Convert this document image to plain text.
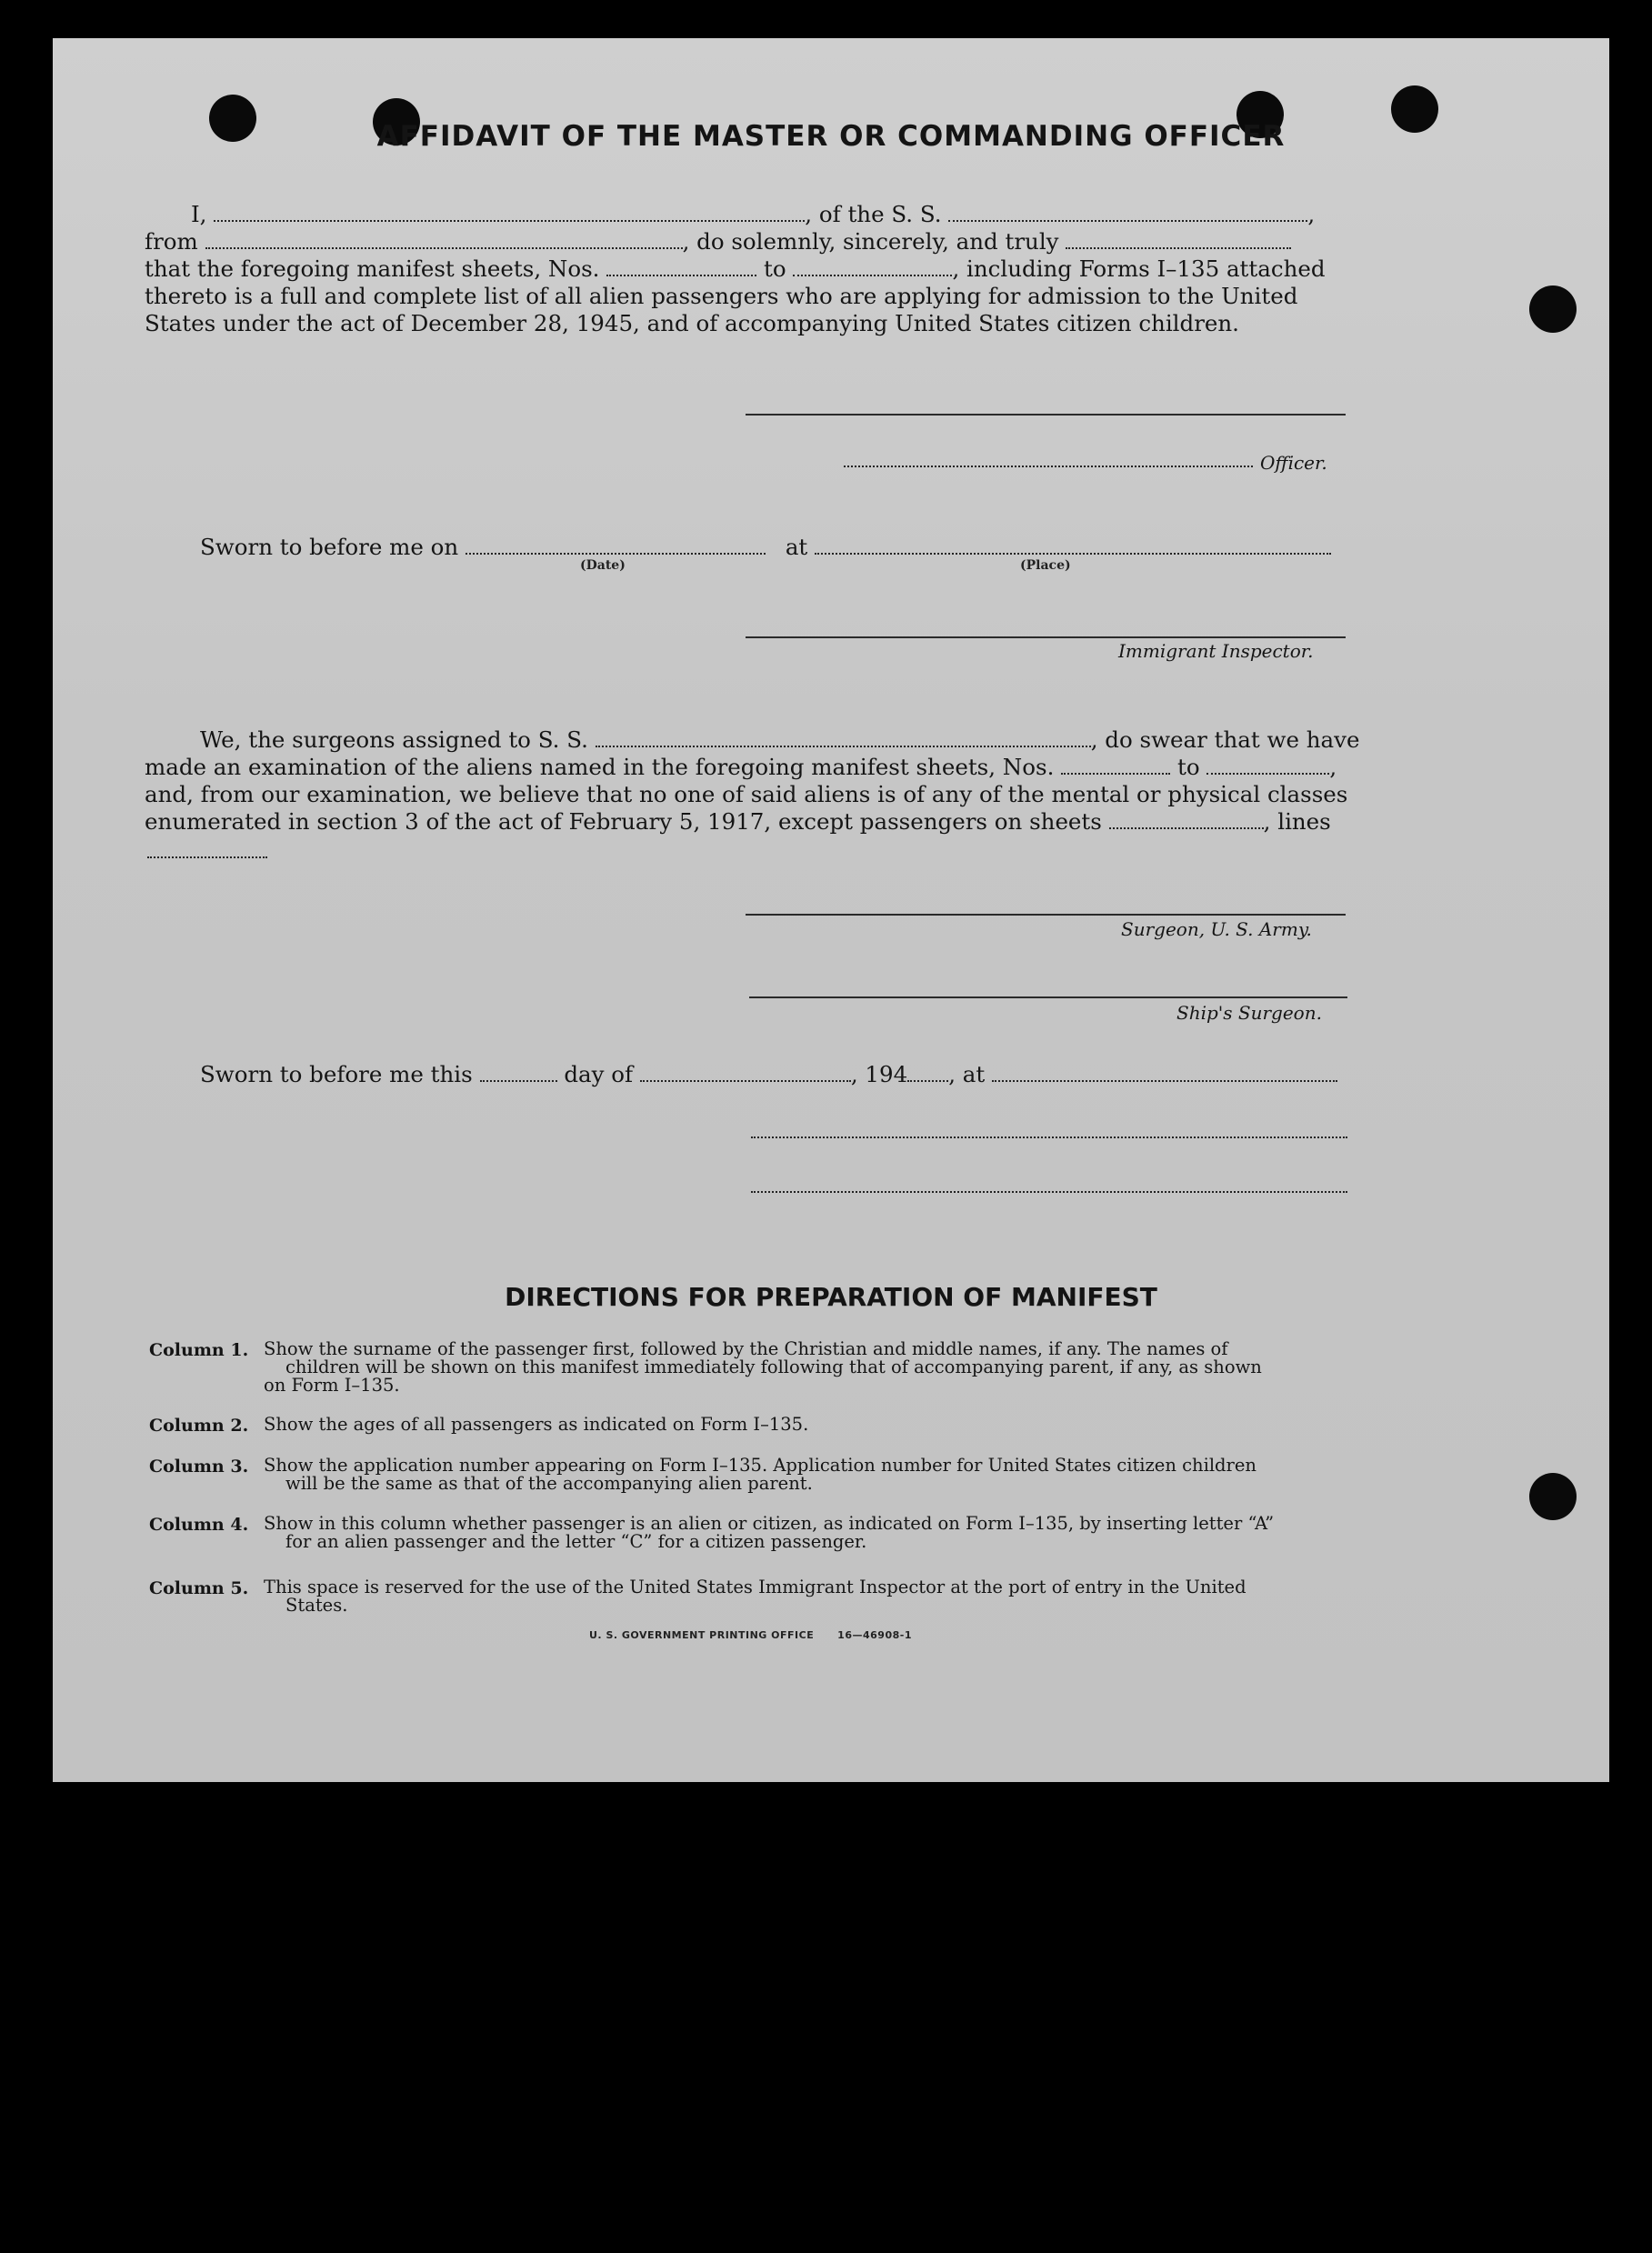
AFFIDAVIT OF THE MASTER OR COMMANDING OFFICER
I,	, of the S. S.	,
from	, do solemnly, sincerely, and truly
that the foregoing manifest sheets, Nos.	to	, including Forms I–135 attached
thereto is a full and complete list of all alien passengers who are applying for admission to the United
States under the act of December 28, 1945, and of accompanying United States citizen children.
Officer.
Sworn to before me on	at
(Date)	(Place)
Immigrant Inspector.
We, the surgeons assigned to S. S.	, do swear that we have
made an examination of the aliens named in the foregoing manifest sheets, Nos.	to	,
and, from our examination, we believe that no one of said aliens is of any of the mental or physical classes
enumerated in section 3 of the act of February 5, 1917, except passengers on sheets	, lines
Surgeon, U. S. Army.
Ship's Surgeon.
Sworn to before me this	day of	, 194 , at
DIRECTIONS FOR PREPARATION OF MANIFEST
Column 1. Show the surname of the passenger first, followed by the Christian and middle names, if any. The names of
children will be shown on this manifest immediately following that of accompanying parent, if any, as shown
on Form I–135.
Column 2. Show the ages of all passengers as indicated on Form I–135.
Column 3. Show the application number appearing on Form I–135. Application number for United States citizen children
will be the same as that of the accompanying alien parent.
Column 4. Show in this column whether passenger is an alien or citizen, as indicated on Form I–135, by inserting letter “A”
for an alien passenger and the letter “C” for a citizen passenger.
Column 5. This space is reserved for the use of the United States Immigrant Inspector at the port of entry in the United
States.
U. S. GOVERNMENT PRINTING OFFICE      16—46908-1
